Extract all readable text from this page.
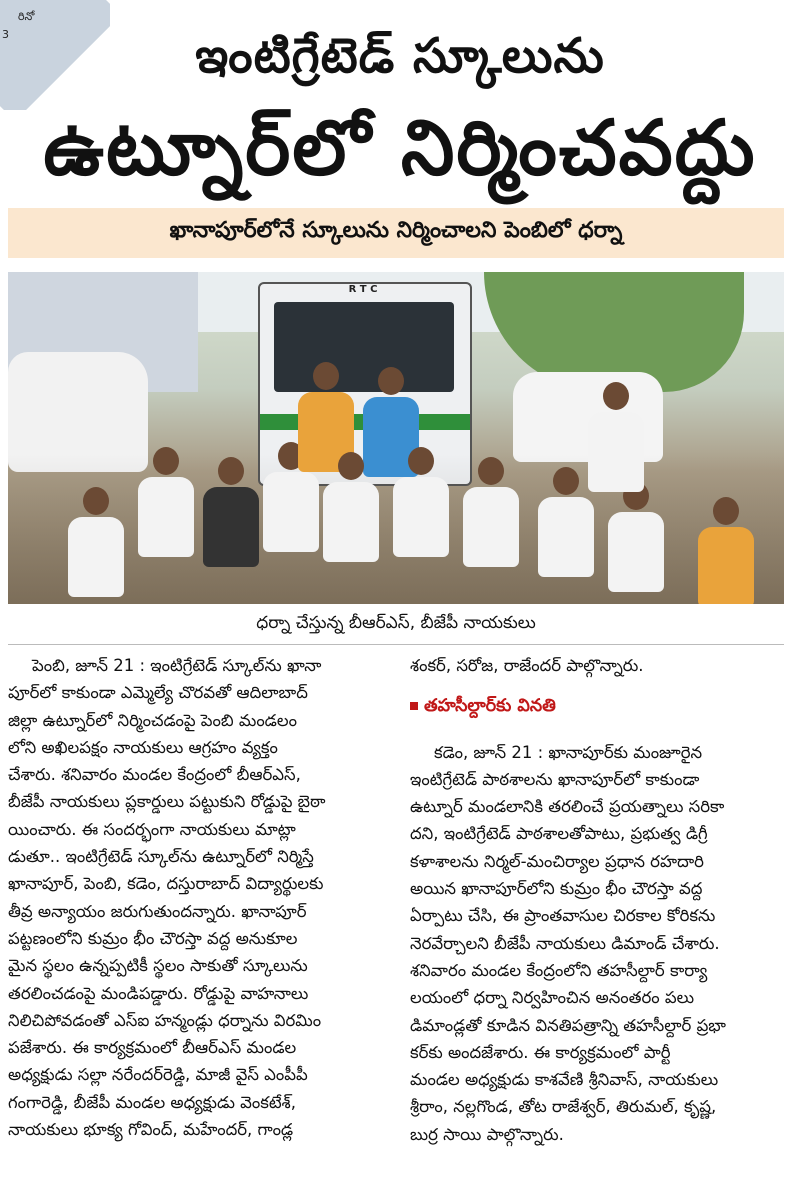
రినో
3	ఇంటిగ్రేటెడ్ స్కూలును
ఉట్నూర్‌లో నిర్మించవద్దు
ఖానాపూర్‌లోనే స్కూలును నిర్మించాలని పెంబిలో ధర్నా
R T C
ధర్నా చేస్తున్న బీఆర్ఎస్, బీజేపీ నాయకులు
పెంబి, జూన్ 21 : ఇంటిగ్రేటెడ్ స్కూల్‌ను ఖానా
పూర్‌లో కాకుండా ఎమ్మెల్యే చొరవతో ఆదిలాబాద్
జిల్లా ఉట్నూర్‌లో నిర్మించడంపై పెంబి మండలం
లోని అఖిలపక్షం నాయకులు ఆగ్రహం వ్యక్తం
చేశారు. శనివారం మండల కేంద్రంలో బీఆర్ఎస్,
బీజేపీ నాయకులు ప్లకార్డులు పట్టుకుని రోడ్డుపై బైఠా
యించారు. ఈ సందర్భంగా నాయకులు మాట్లా
డుతూ.. ఇంటిగ్రేటెడ్ స్కూల్‌ను ఉట్నూర్‌లో నిర్మిస్తే
ఖానాపూర్, పెంబి, కడెం, దస్తురాబాద్ విద్యార్థులకు
తీవ్ర అన్యాయం జరుగుతుందన్నారు. ఖానాపూర్
పట్టణంలోని కుమ్రం భీం చౌరస్తా వద్ద అనుకూల
మైన స్థలం ఉన్నప్పటికీ స్థలం సాకుతో స్కూలును
తరలించడంపై మండిపడ్డారు. రోడ్డుపై వాహనాలు
నిలిచిపోవడంతో ఎస్ఐ హన్మండ్లు ధర్నాను విరమిం
పజేశారు. ఈ కార్యక్రమంలో బీఆర్ఎస్ మండల
అధ్యక్షుడు సల్లా నరేందర్‌రెడ్డి, మాజీ వైస్ ఎంపీపీ
గంగారెడ్డి, బీజేపీ మండల అధ్యక్షుడు వెంకటేశ్,
నాయకులు భూక్య గోవింద్, మహేందర్, గాండ్ల
శంకర్, సరోజ, రాజేందర్ పాల్గొన్నారు.
తహసీల్దార్‌కు వినతి
కడెం, జూన్ 21 : ఖానాపూర్‌కు మంజూరైన
ఇంటిగ్రేటెడ్ పాఠశాలను ఖానాపూర్‌లో కాకుండా
ఉట్నూర్ మండలానికి తరలించే ప్రయత్నాలు సరికా
దని, ఇంటిగ్రేటెడ్ పాఠశాలతోపాటు, ప్రభుత్వ డిగ్రీ
కళాశాలను నిర్మల్-మంచిర్యాల ప్రధాన రహదారి
అయిన ఖానాపూర్‌లోని కుమ్రం భీం చౌరస్తా వద్ద
ఏర్పాటు చేసి, ఈ ప్రాంతవాసుల చిరకాల కోరికను
నెరవేర్చాలని బీజేపీ నాయకులు డిమాండ్ చేశారు.
శనివారం మండల కేంద్రంలోని తహసీల్దార్ కార్యా
లయంలో ధర్నా నిర్వహించిన అనంతరం పలు
డిమాండ్లతో కూడిన వినతిపత్రాన్ని తహసీల్దార్ ప్రభా
కర్‌కు అందజేశారు. ఈ కార్యక్రమంలో పార్టీ
మండల అధ్యక్షుడు కాశవేణి శ్రీనివాస్, నాయకులు
శ్రీరాం, నల్లగొండ, తోట రాజేశ్వర్, తిరుమల్, కృష్ణ,
బుర్ర సాయి పాల్గొన్నారు.
